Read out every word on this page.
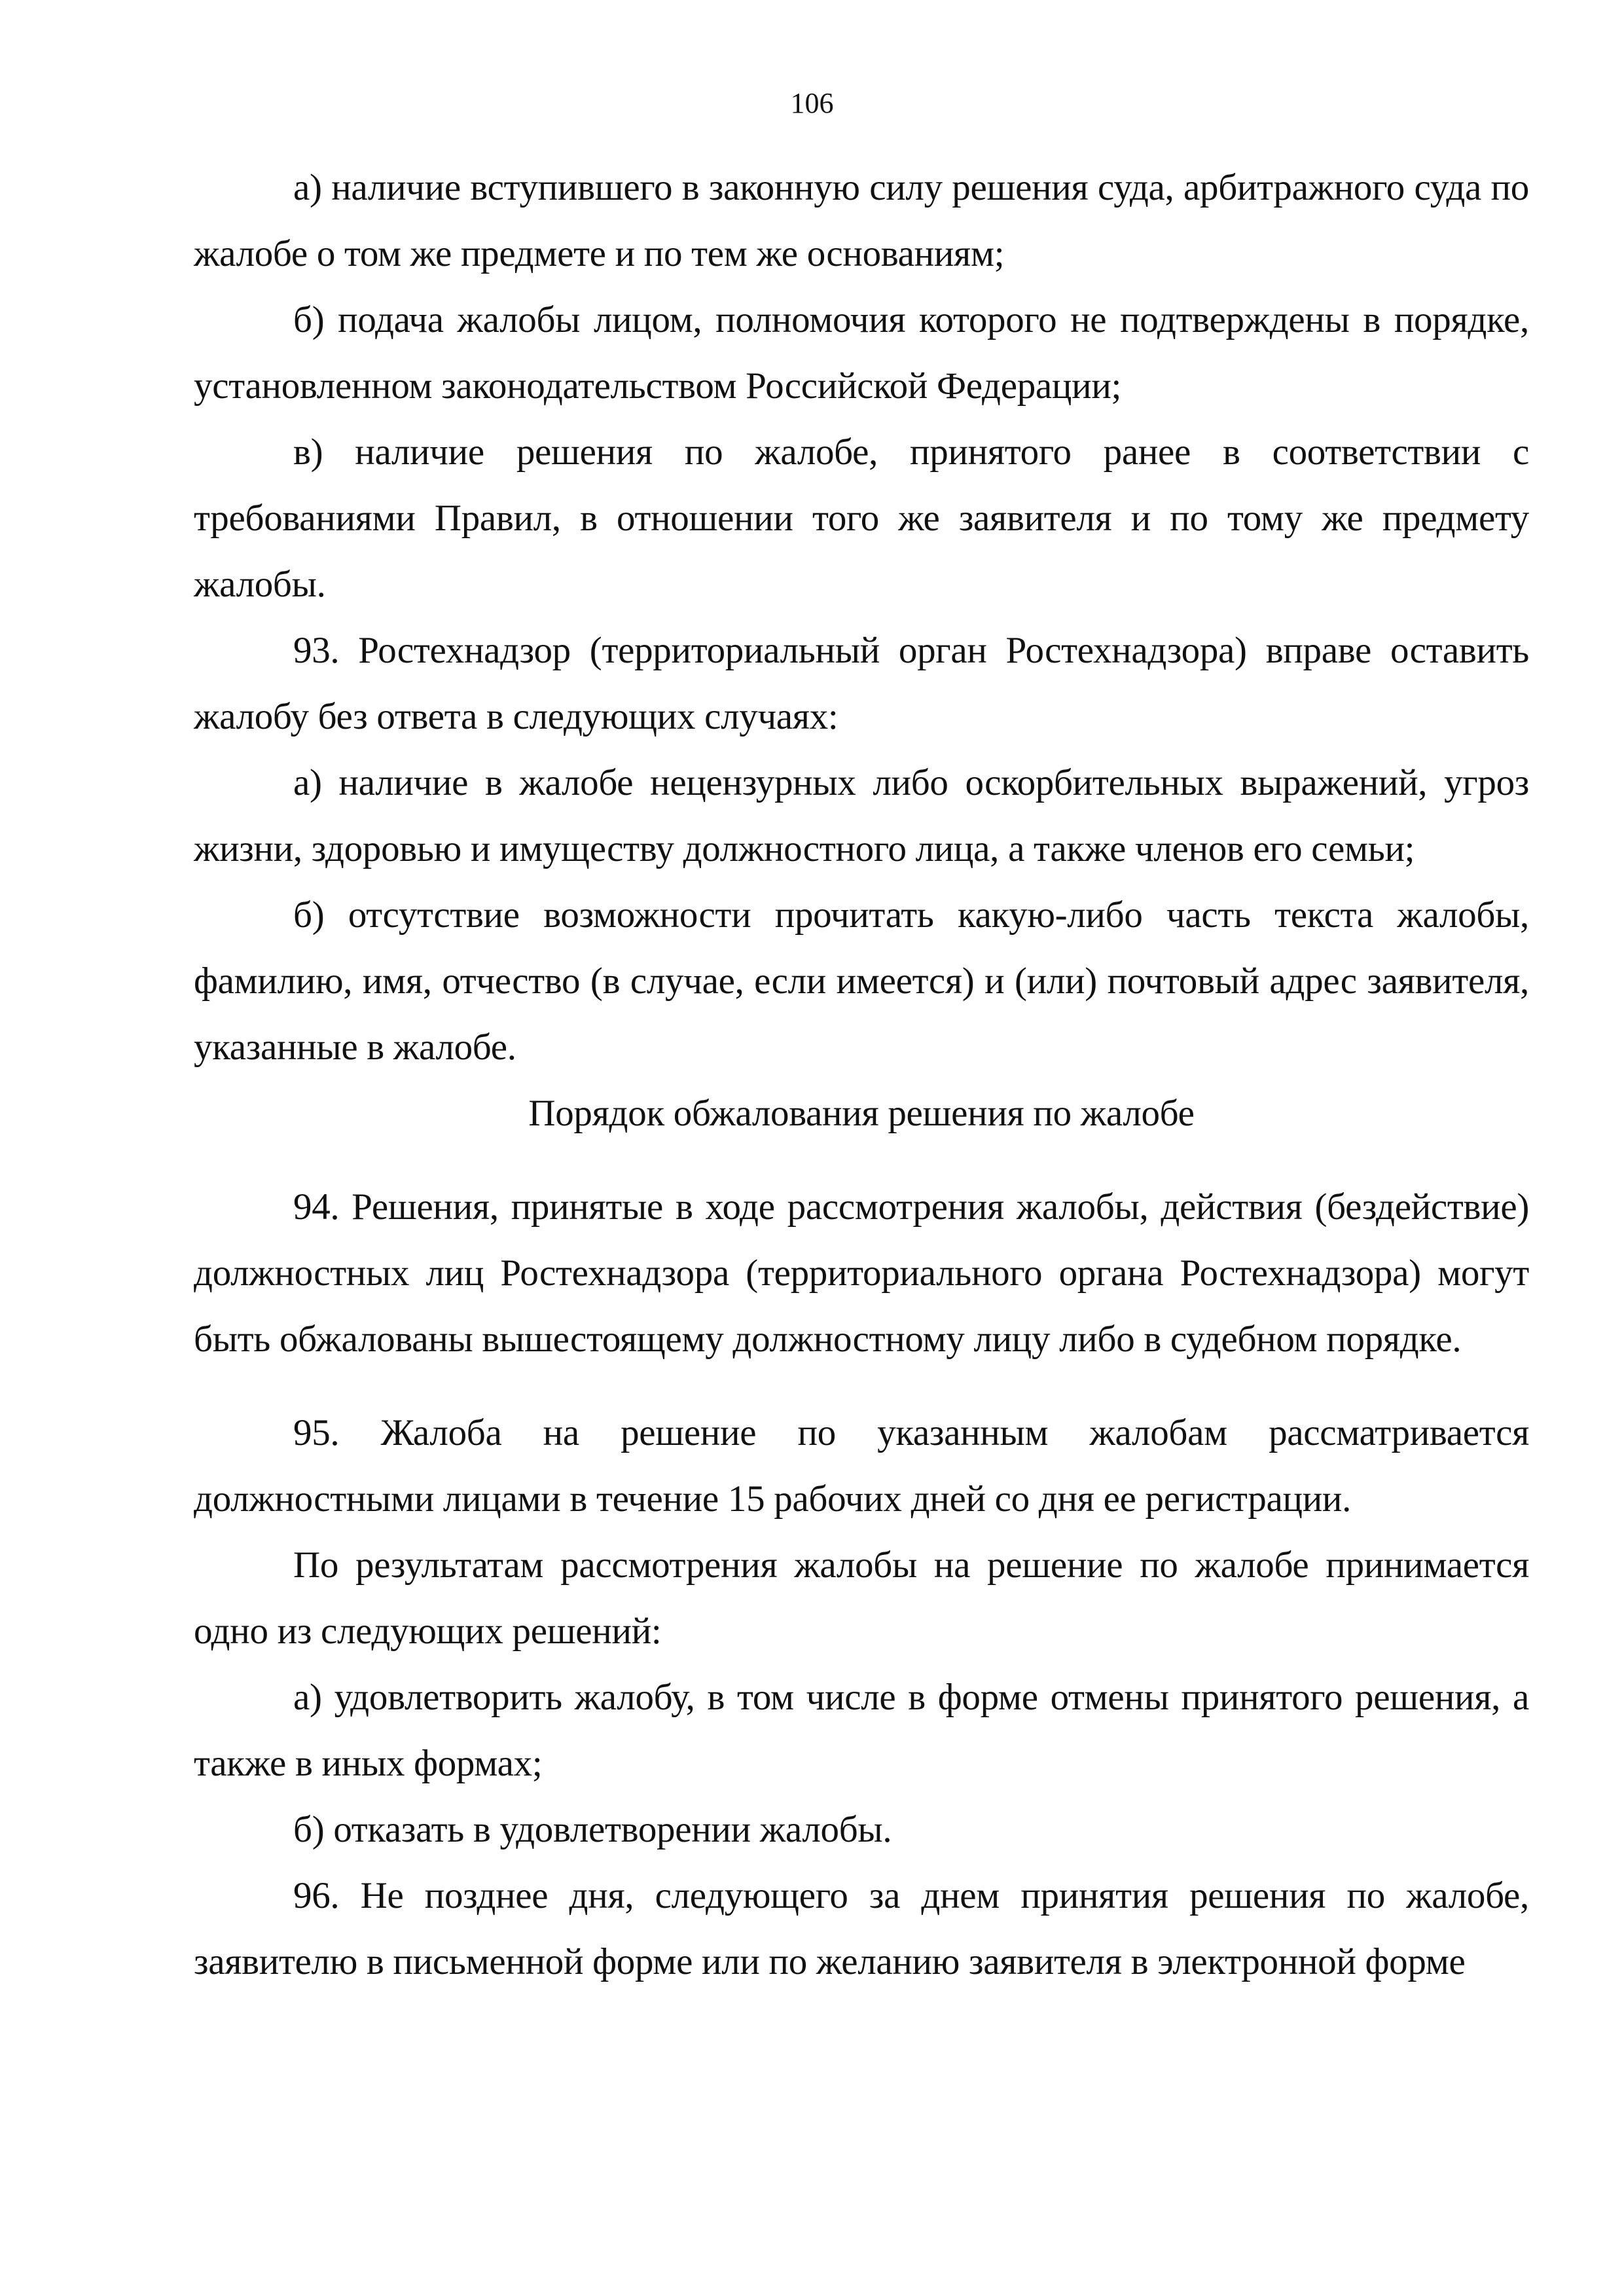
106

а) наличие вступившего в законную силу решения суда, арбитражного суда по жалобе о том же предмете и по тем же основаниям;

б) подача жалобы лицом, полномочия которого не подтверждены в порядке, установленном законодательством Российской Федерации;

в) наличие решения по жалобе, принятого ранее в соответствии с требованиями Правил, в отношении того же заявителя и по тому же предмету жалобы.

93. Ростехнадзор (территориальный орган Ростехнадзора) вправе оставить жалобу без ответа в следующих случаях:

а) наличие в жалобе нецензурных либо оскорбительных выражений, угроз жизни, здоровью и имуществу должностного лица, а также членов его семьи;

б) отсутствие возможности прочитать какую-либо часть текста жалобы, фамилию, имя, отчество (в случае, если имеется) и (или) почтовый адрес заявителя, указанные в жалобе.

Порядок обжалования решения по жалобе

94. Решения, принятые в ходе рассмотрения жалобы, действия (бездействие) должностных лиц Ростехнадзора (территориального органа Ростехнадзора) могут быть обжалованы вышестоящему должностному лицу либо в судебном порядке.

95. Жалоба на решение по указанным жалобам рассматривается должностными лицами в течение 15 рабочих дней со дня ее регистрации.

По результатам рассмотрения жалобы на решение по жалобе принимается одно из следующих решений:

а) удовлетворить жалобу, в том числе в форме отмены принятого решения, а также в иных формах;

б) отказать в удовлетворении жалобы.

96. Не позднее дня, следующего за днем принятия решения по жалобе, заявителю в письменной форме или по желанию заявителя в электронной форме
